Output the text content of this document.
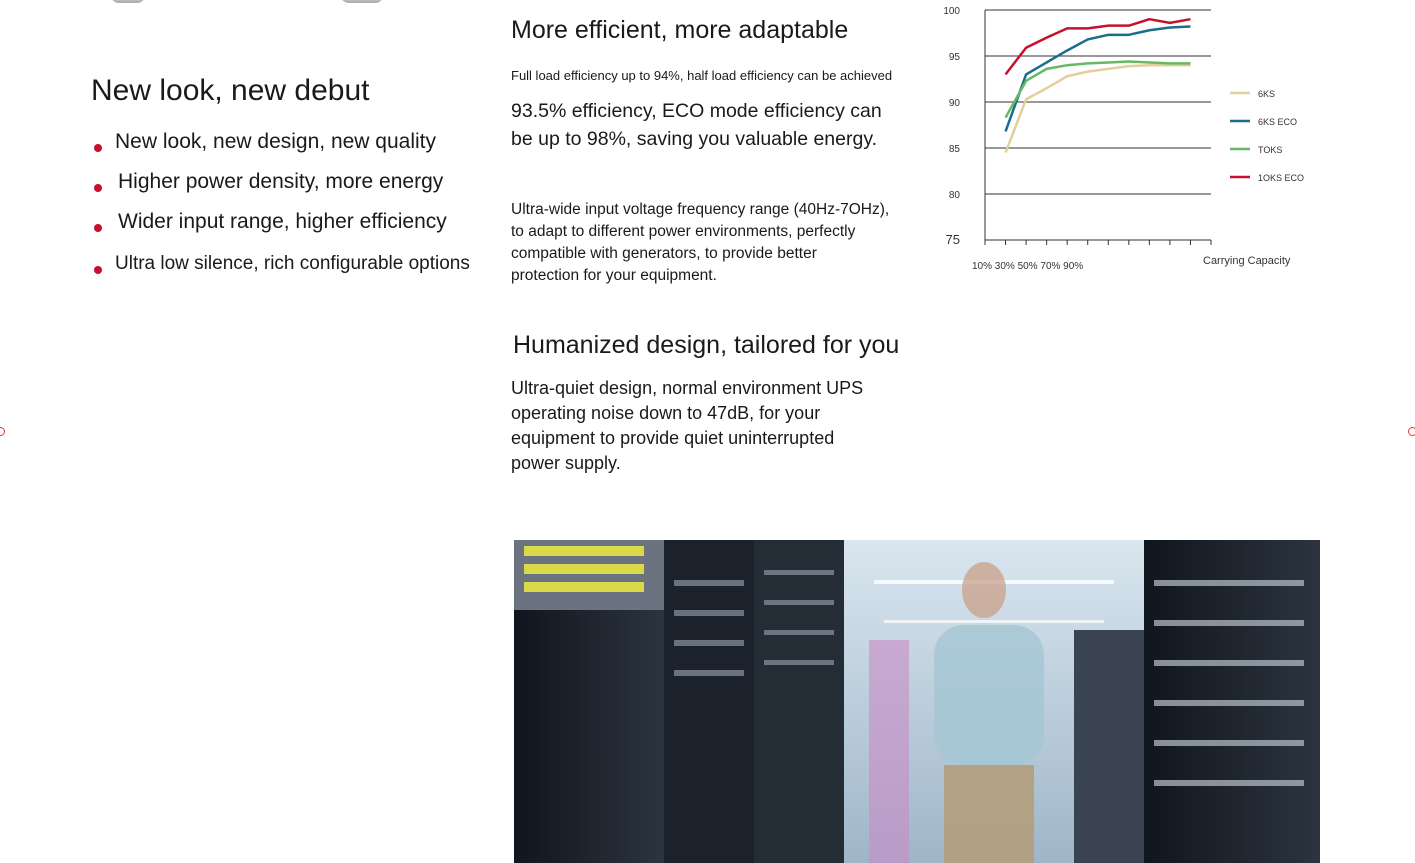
New look, new debut
New look, new design, new quality
Higher power density, more energy
Wider input range, higher efficiency
Ultra low silence, rich configurable options
More efficient, more adaptable
Full load efficiency up to 94%, half load efficiency can be achieved
93.5% efficiency, ECO mode efficiency can
be up to 98%, saving you valuable energy.
Ultra-wide input voltage frequency range (40Hz-7OHz),
to adapt to different power environments, perfectly
compatible with generators, to provide better
protection for your equipment.
Humanized design, tailored for you
Ultra-quiet design, normal environment UPS
operating noise down to 47dB, for your
equipment to provide quiet uninterrupted
power supply.
75
80
85
90
95
100
10% 30% 50% 70% 90%	Carrying Capacity
6KS
6KS ECO
TOKS
1OKS ECO
